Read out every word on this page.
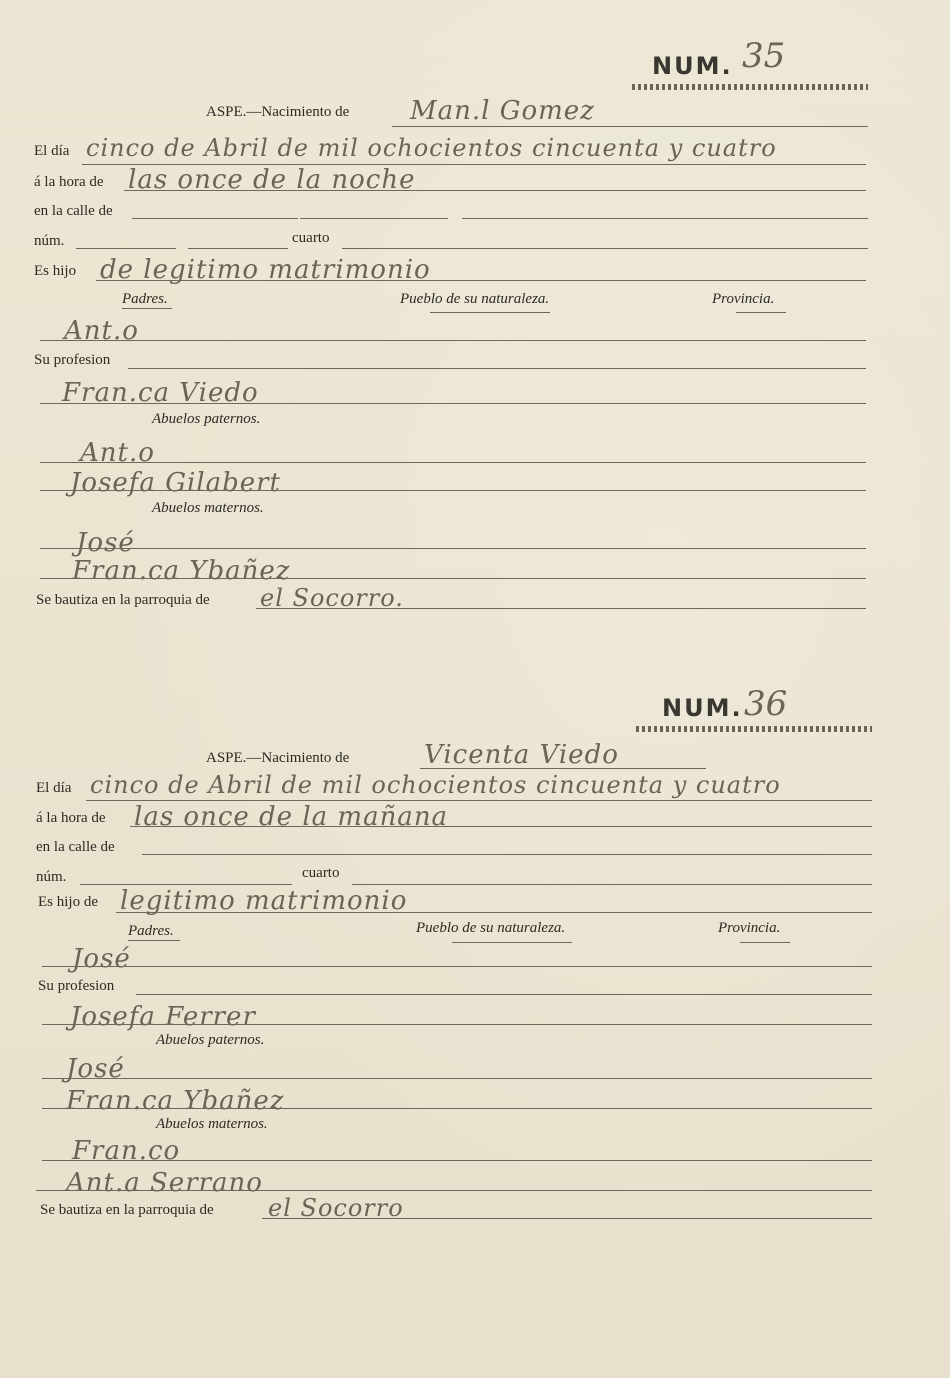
NUM. 35
ASPE.—Nacimiento de Man.l Gomez
El día cinco de Abril de mil ochocientos cincuenta y cuatro
á la hora de las once de la noche
en la calle de
núm.	cuarto
Es hijo de legitimo matrimonio
Padres.	Pueblo de su naturaleza.	Provincia.
Ant.o
Su profesion
Fran.ca Viedo
Abuelos paternos.
Ant.o
Josefa Gilabert
Abuelos maternos.
José
Fran.ca Ybañez
Se bautiza en la parroquia de el Socorro.
NUM. 36
ASPE.—Nacimiento de	Vicenta Viedo
El día cinco de Abril de mil ochocientos cincuenta y cuatro
á la hora de las once de la mañana
en la calle de
núm.	cuarto
Es hijo de legitimo matrimonio
Padres.	Pueblo de su naturaleza.	Provincia.
José
Su profesion
Josefa Ferrer
Abuelos paternos.
José
Fran.ca Ybañez
Abuelos maternos.
Fran.co
Ant.a Serrano
Se bautiza en la parroquia de el Socorro
